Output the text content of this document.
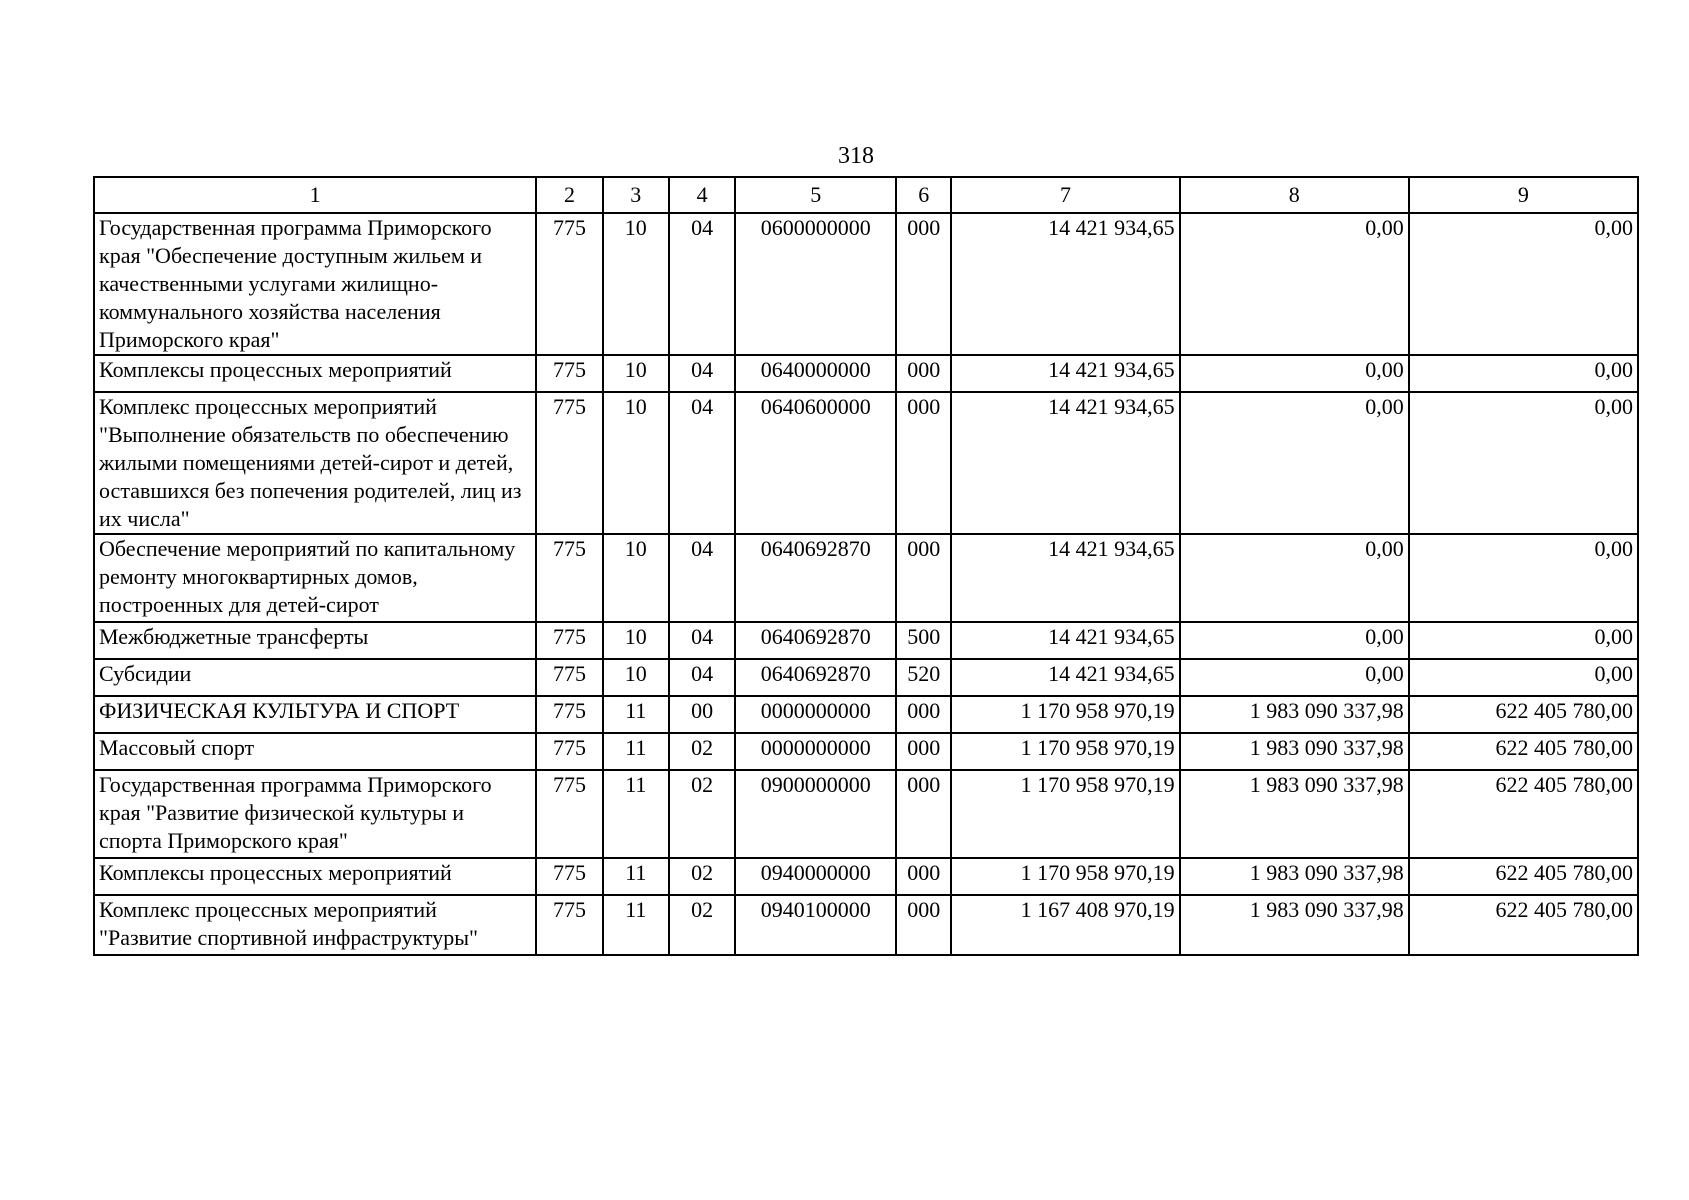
318
1	2	3	4	5	6	7	8	9
Государственная программа Приморского края "Обеспечение доступным жильем и качественными услугами жилищно-коммунального хозяйства населения Приморского края"	775	10	04	0600000000	000	14 421 934,65	0,00	0,00
Комплексы процессных мероприятий	775	10	04	0640000000	000	14 421 934,65	0,00	0,00
Комплекс процессных мероприятий "Выполнение обязательств по обеспечению жилыми помещениями детей-сирот и детей, оставшихся без попечения родителей, лиц из их числа"	775	10	04	0640600000	000	14 421 934,65	0,00	0,00
Обеспечение мероприятий по капитальному ремонту многоквартирных домов, построенных для детей-сирот	775	10	04	0640692870	000	14 421 934,65	0,00	0,00
Межбюджетные трансферты	775	10	04	0640692870	500	14 421 934,65	0,00	0,00
Субсидии	775	10	04	0640692870	520	14 421 934,65	0,00	0,00
ФИЗИЧЕСКАЯ КУЛЬТУРА И СПОРТ	775	11	00	0000000000	000	1 170 958 970,19	1 983 090 337,98	622 405 780,00
Массовый спорт	775	11	02	0000000000	000	1 170 958 970,19	1 983 090 337,98	622 405 780,00
Государственная программа Приморского края "Развитие физической культуры и спорта Приморского края"	775	11	02	0900000000	000	1 170 958 970,19	1 983 090 337,98	622 405 780,00
Комплексы процессных мероприятий	775	11	02	0940000000	000	1 170 958 970,19	1 983 090 337,98	622 405 780,00
Комплекс процессных мероприятий "Развитие спортивной инфраструктуры"	775	11	02	0940100000	000	1 167 408 970,19	1 983 090 337,98	622 405 780,00
